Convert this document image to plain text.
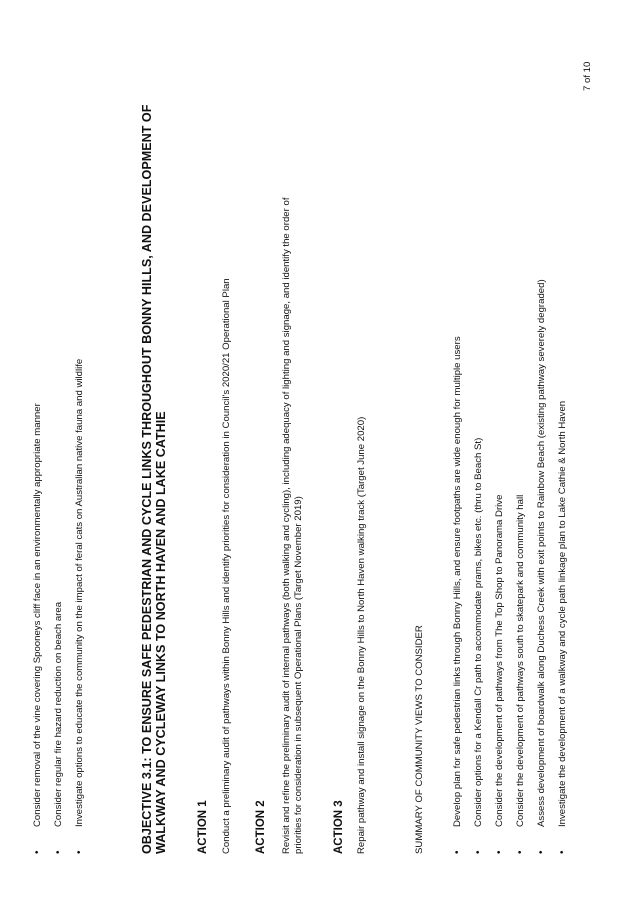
•
Consider removal of the vine covering Spooneys cliff face in an environmentally appropriate manner
•
Consider regular fire hazard reduction on beach area
•
Investigate options to educate the community on the impact of feral cats on Australian native fauna and wildlife	OBJECTIVE 3.1: TO ENSURE SAFE PEDESTRIAN AND CYCLE LINKS THROUGHOUT BONNY HILLS, AND DEVELOPMENT OF WALKWAY AND CYCLEWAY LINKS TO NORTH HAVEN AND LAKE CATHIE	ACTION 1 Conduct a preliminary audit of pathways within Bonny Hills and identify priorities for consideration in Council's 2020/21 Operational Plan ACTION 2 Revisit and refine the preliminary audit of internal pathways (both walking and cycling), including adequacy of lighting and signage, and identify the order of priorities for consideration in subsequent Operational Plans (Target November 2019)	ACTION 3 Repair pathway and install signage on the Bonny Hills to North Haven walking track (Target June 2020)	SUMMARY OF COMMUNITY VIEWS TO CONSIDER	•
Develop plan for safe pedestrian links through Bonny Hills, and ensure footpaths are wide enough for multiple users
•
Consider options for a Kendall Cr path to accommodate prams, bikes etc. (thru to Beach St)
•
Consider the development of pathways from The Top Shop to Panorama Drive
•
Consider the development of pathways south to skatepark and community hall
•
Assess development of boardwalk along Duchess Creek with exit points to Rainbow Beach (existing pathway severely degraded)
•
Investigate the development of a walkway and cycle path linkage plan to Lake Cathie & North Haven
7 of 10
